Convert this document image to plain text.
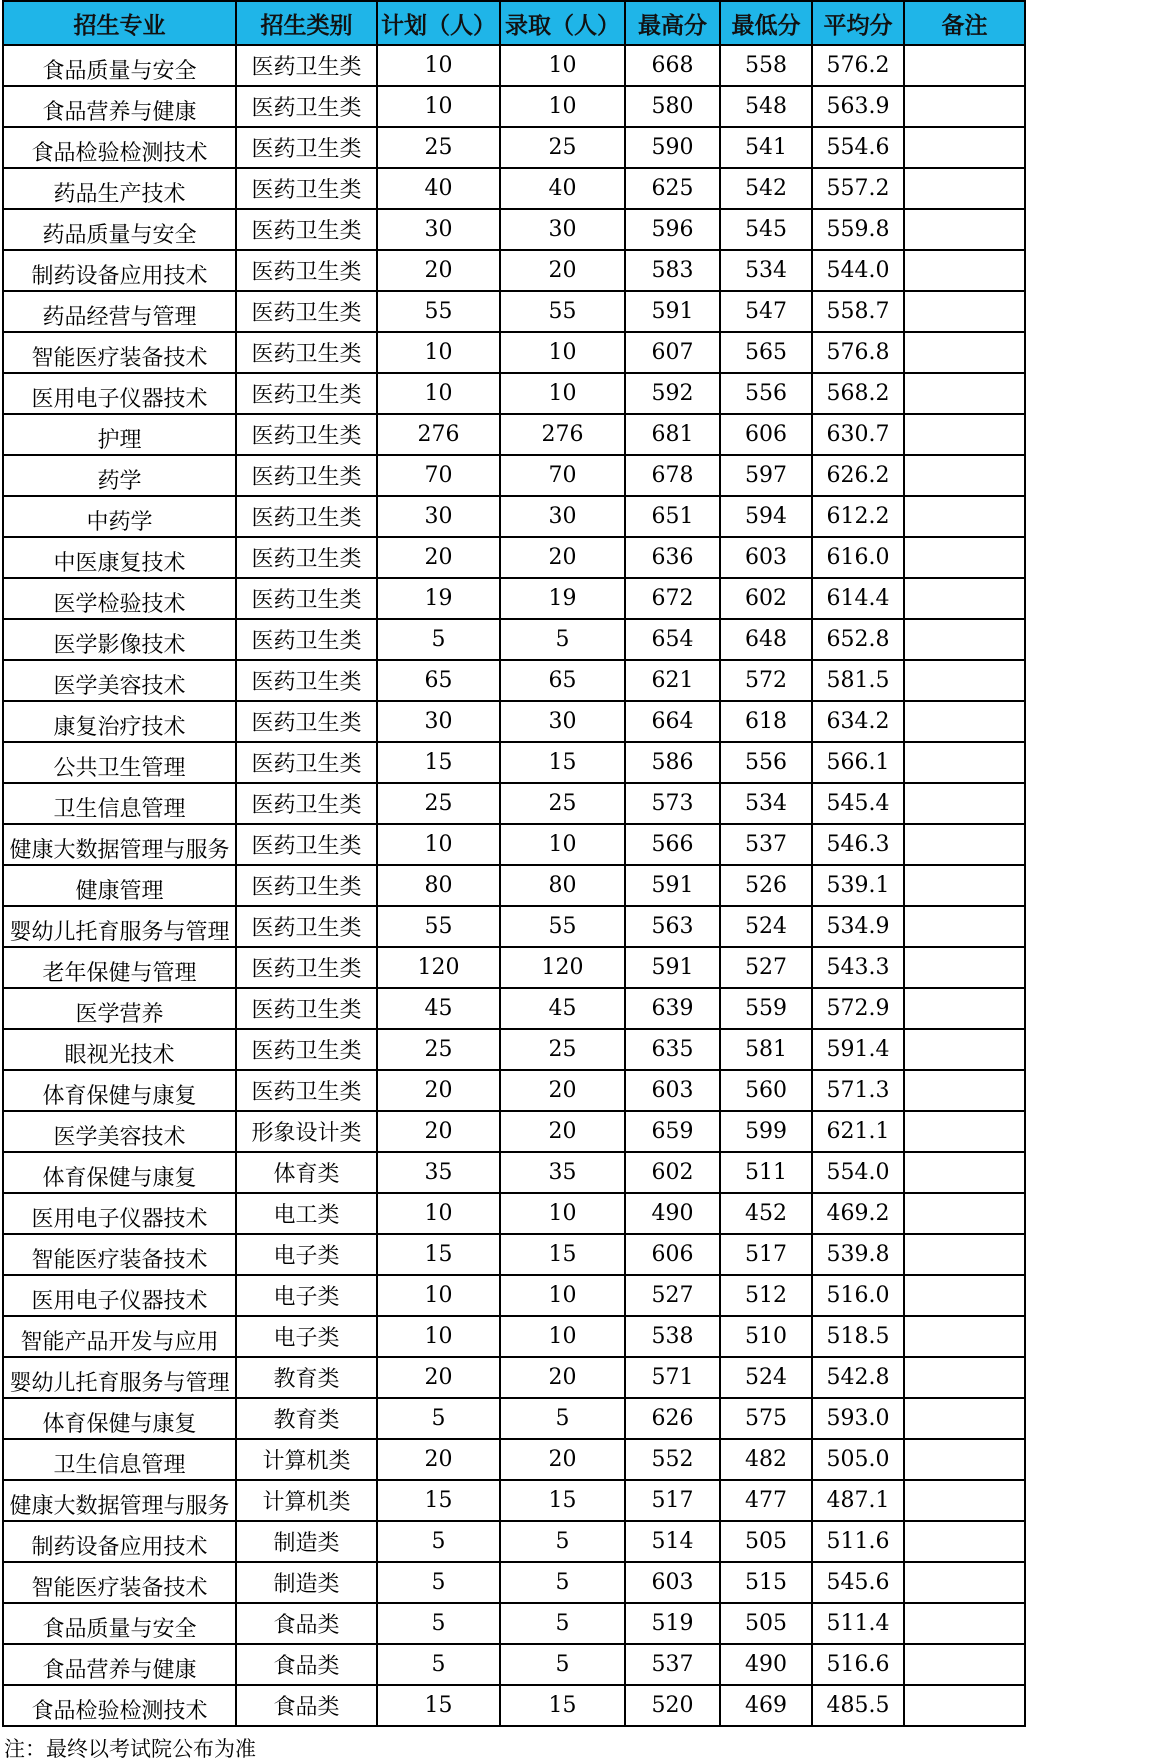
招生专业	招生类别	计划（人）	录取（人）	最高分	最低分	平均分	备注
食品质量与安全	医药卫生类	10	10	668	558	576.2	
食品营养与健康	医药卫生类	10	10	580	548	563.9	
食品检验检测技术	医药卫生类	25	25	590	541	554.6	
药品生产技术	医药卫生类	40	40	625	542	557.2	
药品质量与安全	医药卫生类	30	30	596	545	559.8	
制药设备应用技术	医药卫生类	20	20	583	534	544.0	
药品经营与管理	医药卫生类	55	55	591	547	558.7	
智能医疗装备技术	医药卫生类	10	10	607	565	576.8	
医用电子仪器技术	医药卫生类	10	10	592	556	568.2	
护理	医药卫生类	276	276	681	606	630.7	
药学	医药卫生类	70	70	678	597	626.2	
中药学	医药卫生类	30	30	651	594	612.2	
中医康复技术	医药卫生类	20	20	636	603	616.0	
医学检验技术	医药卫生类	19	19	672	602	614.4	
医学影像技术	医药卫生类	5	5	654	648	652.8	
医学美容技术	医药卫生类	65	65	621	572	581.5	
康复治疗技术	医药卫生类	30	30	664	618	634.2	
公共卫生管理	医药卫生类	15	15	586	556	566.1	
卫生信息管理	医药卫生类	25	25	573	534	545.4	
健康大数据管理与服务	医药卫生类	10	10	566	537	546.3	
健康管理	医药卫生类	80	80	591	526	539.1	
婴幼儿托育服务与管理	医药卫生类	55	55	563	524	534.9	
老年保健与管理	医药卫生类	120	120	591	527	543.3	
医学营养	医药卫生类	45	45	639	559	572.9	
眼视光技术	医药卫生类	25	25	635	581	591.4	
体育保健与康复	医药卫生类	20	20	603	560	571.3	
医学美容技术	形象设计类	20	20	659	599	621.1	
体育保健与康复	体育类	35	35	602	511	554.0	
医用电子仪器技术	电工类	10	10	490	452	469.2	
智能医疗装备技术	电子类	15	15	606	517	539.8	
医用电子仪器技术	电子类	10	10	527	512	516.0	
智能产品开发与应用	电子类	10	10	538	510	518.5	
婴幼儿托育服务与管理	教育类	20	20	571	524	542.8	
体育保健与康复	教育类	5	5	626	575	593.0	
卫生信息管理	计算机类	20	20	552	482	505.0	
健康大数据管理与服务	计算机类	15	15	517	477	487.1	
制药设备应用技术	制造类	5	5	514	505	511.6	
智能医疗装备技术	制造类	5	5	603	515	545.6	
食品质量与安全	食品类	5	5	519	505	511.4	
食品营养与健康	食品类	5	5	537	490	516.6	
食品检验检测技术	食品类	15	15	520	469	485.5	
注：最终以考试院公布为准
